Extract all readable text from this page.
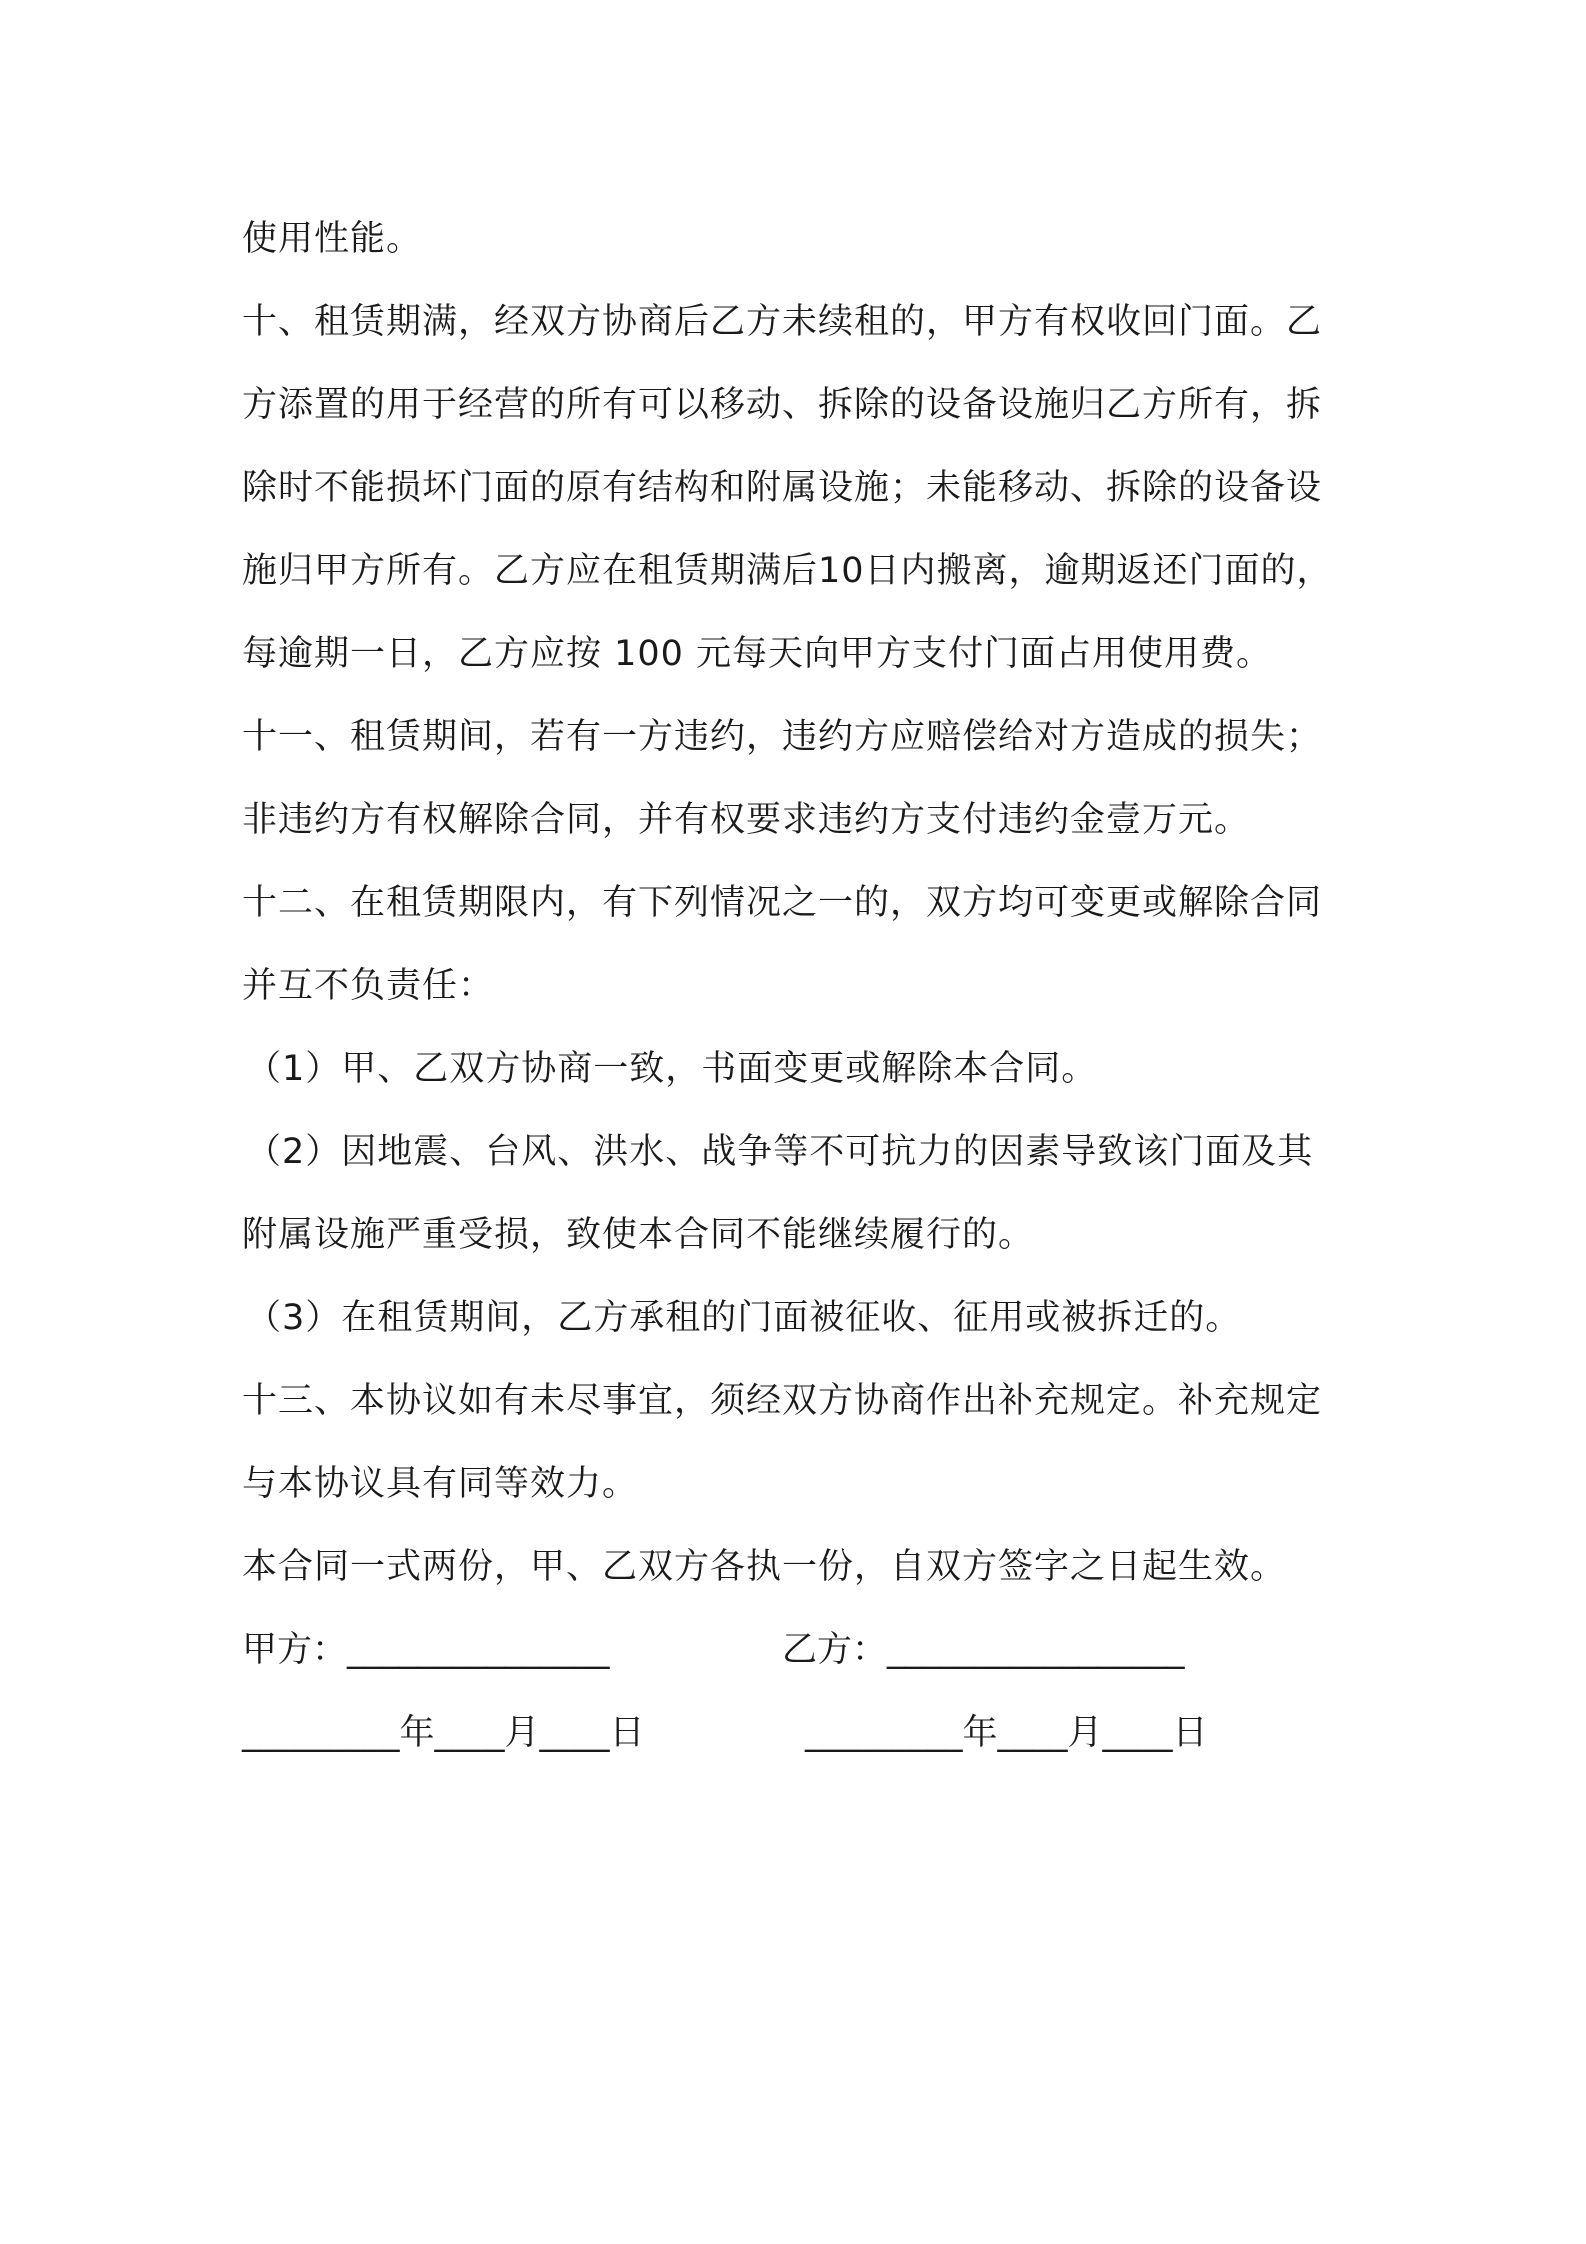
使用性能。
十、租赁期满，经双方协商后乙方未续租的，甲方有权收回门面。乙
方添置的用于经营的所有可以移动、拆除的设备设施归乙方所有，拆
除时不能损坏门面的原有结构和附属设施；未能移动、拆除的设备设
施归甲方所有。乙方应在租赁期满后10日内搬离，逾期返还门面的，
每逾期一日，乙方应按 100 元每天向甲方支付门面占用使用费。
十一、租赁期间，若有一方违约，违约方应赔偿给对方造成的损失；
非违约方有权解除合同，并有权要求违约方支付违约金壹万元。
十二、在租赁期限内，有下列情况之一的，双方均可变更或解除合同
并互不负责任：
（1）甲、乙双方协商一致，书面变更或解除本合同。
（2）因地震、台风、洪水、战争等不可抗力的因素导致该门面及其
附属设施严重受损，致使本合同不能继续履行的。
（3）在租赁期间，乙方承租的门面被征收、征用或被拆迁的。
十三、本协议如有未尽事宜，须经双方协商作出补充规定。补充规定
与本协议具有同等效力。
本合同一式两份，甲、乙双方各执一份，自双方签字之日起生效。
甲方：_______________	乙方：_________________
_________年____月____日	_________年____月____日
